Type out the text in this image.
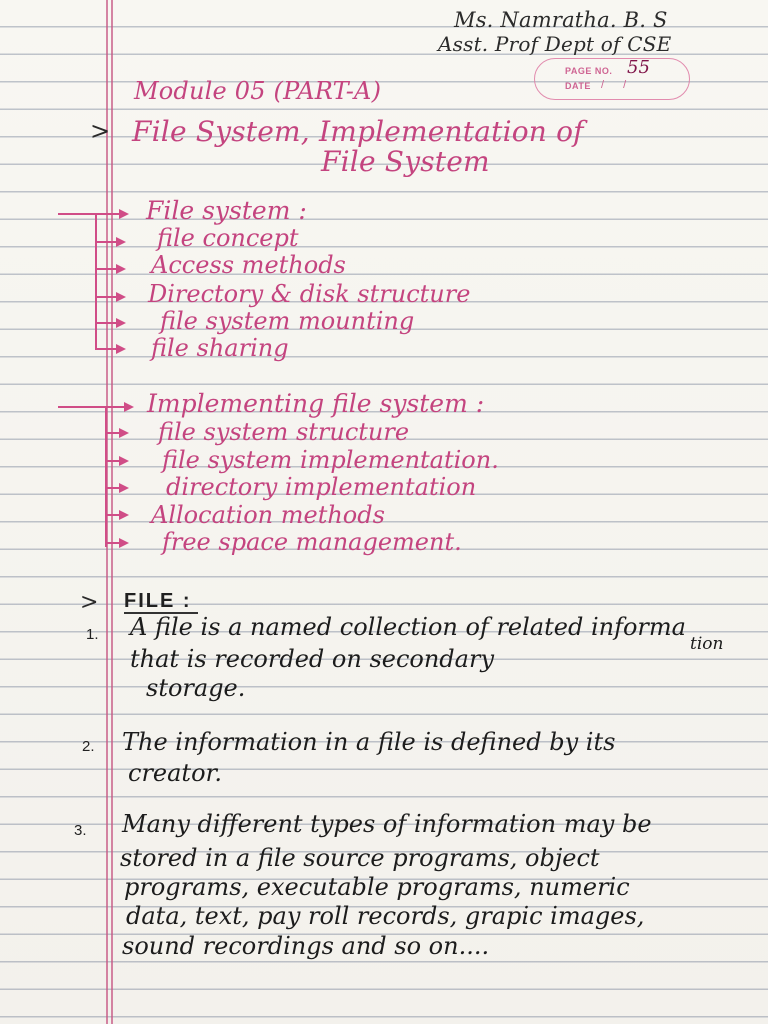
Ms. Namratha. B. S
Asst. Prof Dept of CSE
PAGE NO. 55
DATE / /
Module 05 (PART-A)
> File System, Implementation of
File System
File system :
file concept
Access methods
Directory & disk structure
file system mounting
file sharing
Implementing file system :
file system structure
file system implementation.
directory implementation
Allocation methods
free space management.
> FILE :
1. A file is a named collection of related informa
tion
that is recorded on secondary
storage.
2. The information in a file is defined by its
creator.
3. Many different types of information may be
stored in a file source programs, object
programs, executable programs, numeric
data, text, pay roll records, grapic images,
sound recordings and so on....
